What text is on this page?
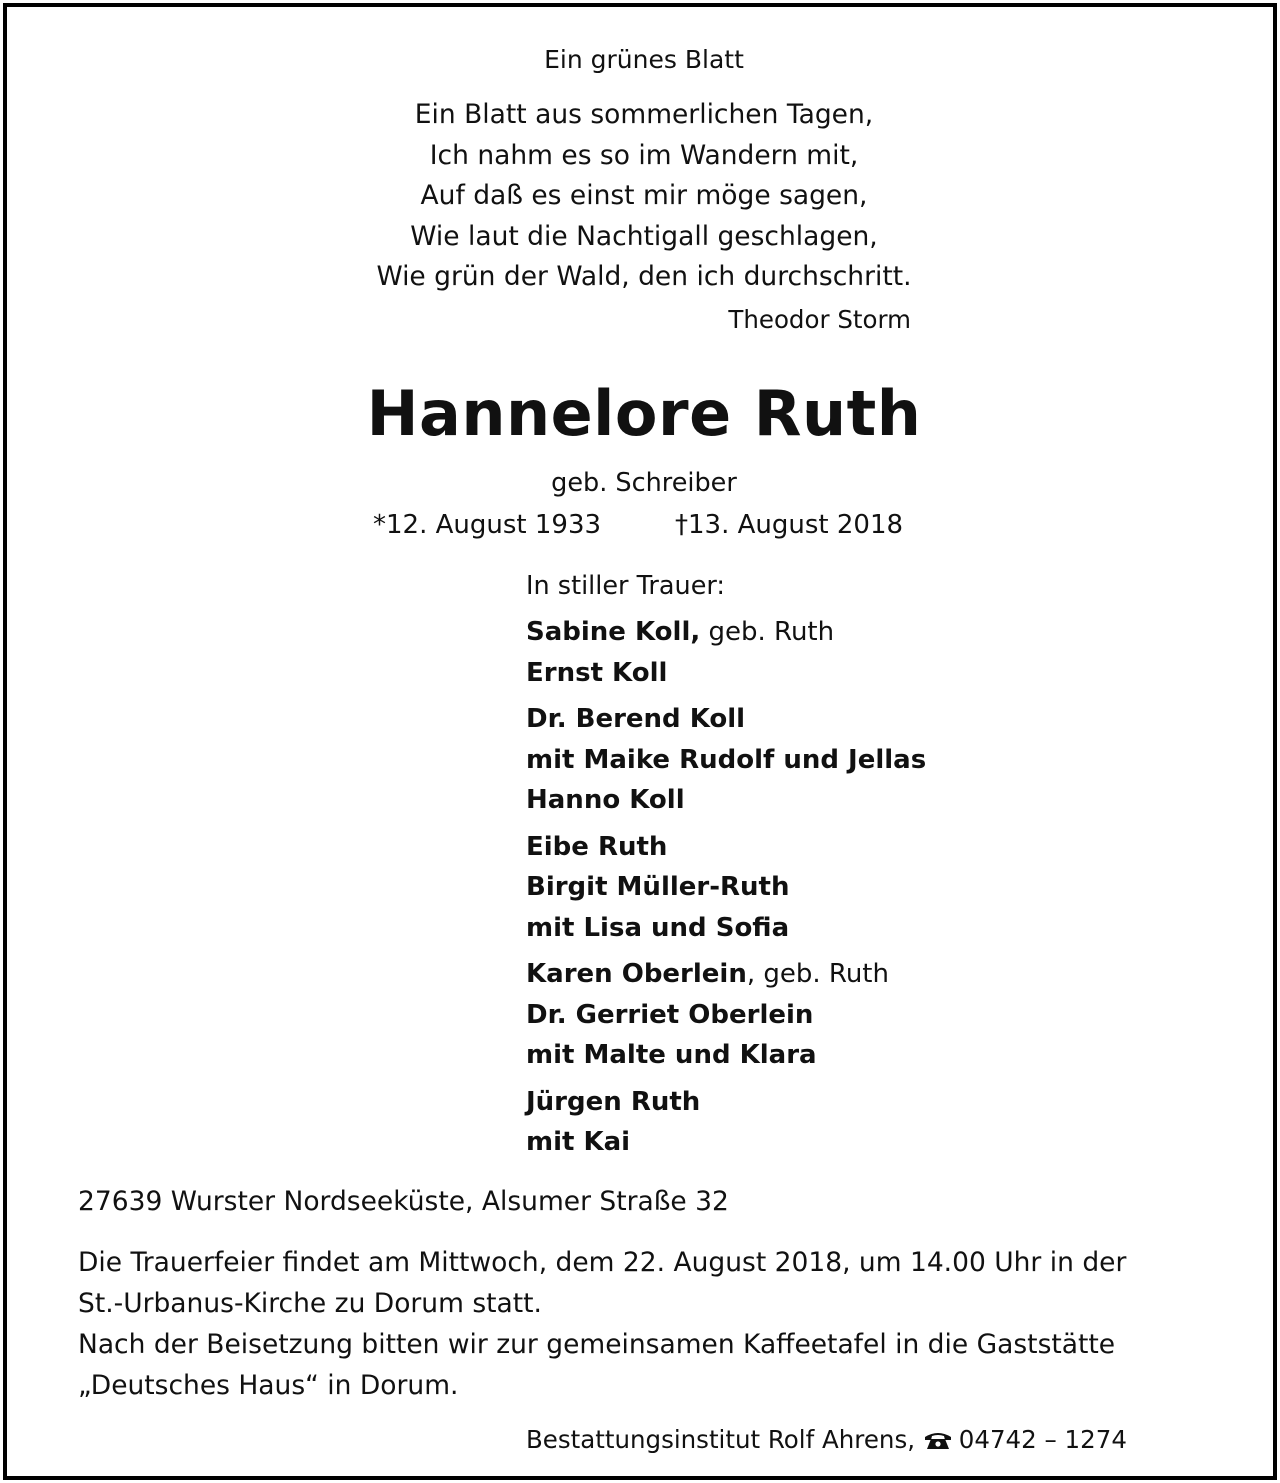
Ein grünes Blatt
Ein Blatt aus sommerlichen Tagen,
Ich nahm es so im Wandern mit,
Auf daß es einst mir möge sagen,
Wie laut die Nachtigall geschlagen,
Wie grün der Wald, den ich durchschritt.
Theodor Storm
Hannelore Ruth
geb. Schreiber
*12. August 1933	†13. August 2018
In stiller Trauer:
Sabine Koll, geb. Ruth
Ernst Koll
Dr. Berend Koll
mit Maike Rudolf und Jellas
Hanno Koll
Eibe Ruth
Birgit Müller-Ruth
mit Lisa und Sofia
Karen Oberlein, geb. Ruth
Dr. Gerriet Oberlein
mit Malte und Klara
Jürgen Ruth
mit Kai
27639 Wurster Nordseeküste, Alsumer Straße 32
Die Trauerfeier findet am Mittwoch, dem 22. August 2018, um 14.00 Uhr in der
St.-Urbanus-Kirche zu Dorum statt.
Nach der Beisetzung bitten wir zur gemeinsamen Kaffeetafel in die Gaststätte
„Deutsches Haus“ in Dorum.
Bestattungsinstitut Rolf Ahrens, 04742 – 1274
